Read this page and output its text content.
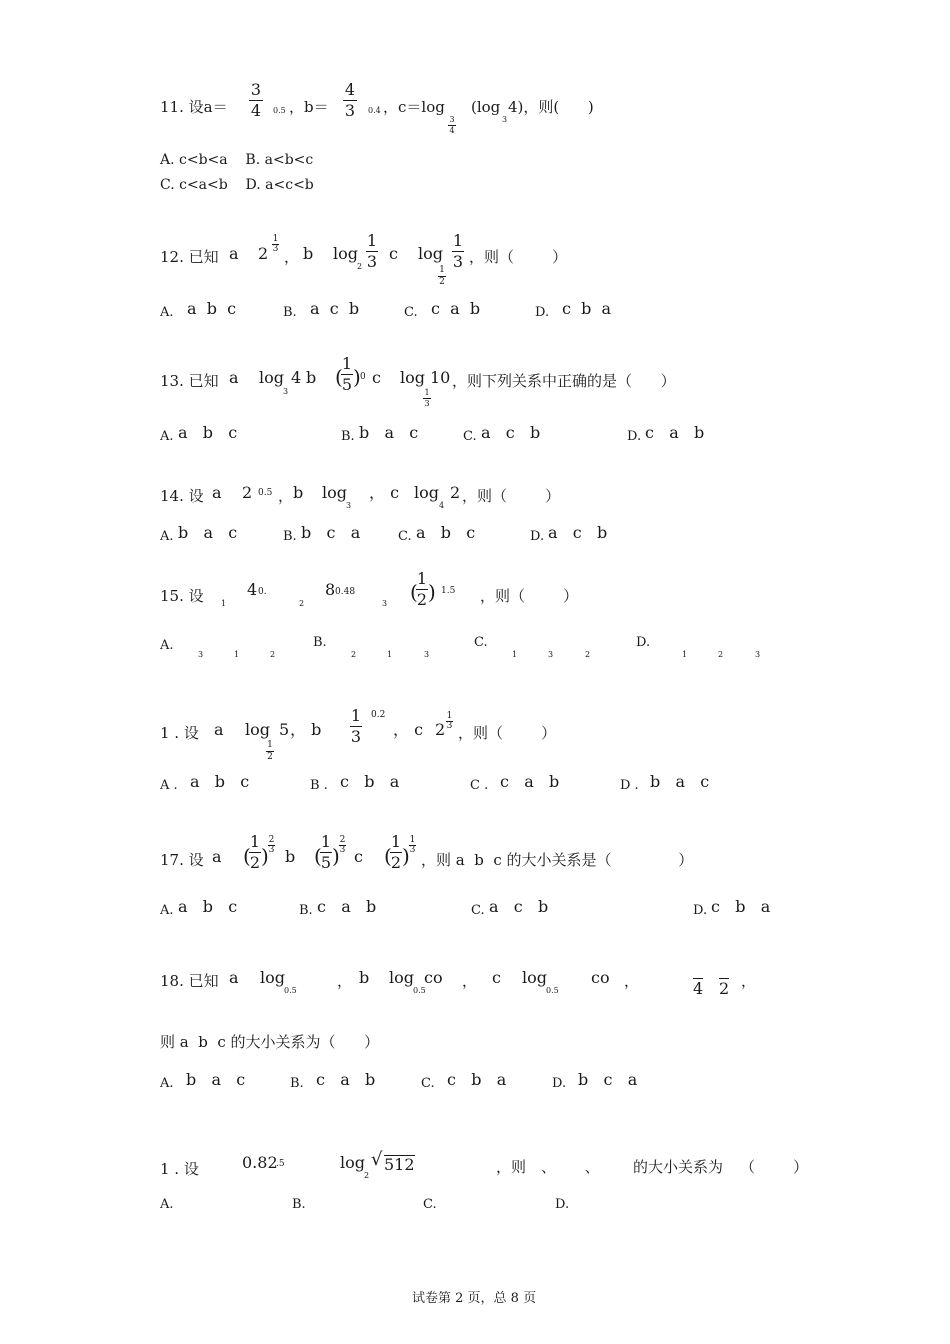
11. 设a＝
3
4 0.5 ，b＝
4
3 0.4 ，c＝log
3
4
(log
3
4)，则(      )
A. c<b<a    B. a<b<c
C. c<a<b    D. a<c<b
12. 已知 a 2
1
3 ， b log
2
1
3 c log
1
2
1
3 ，则（        ）
A. a  b  c	B. a  c  b	C. c  a  b	D. c  b  a
13. 已知 a log 4
3
b (
1
5 ) 0 c log 10
1
3
，则下列关系中正确的是（      ）
A. a   b   c	B. b   a   c	C. a   c   b	D. c   a   b
14. 设 a 2 0.5 ， b log
3
， c log 2
4
，则（        ）
A. b   a   c	B. b   c   a	C. a   b   c	D. a   c   b
15. 设 1
4 0.
2
8 0.48
3 (
1
2 ) 1.5 ，则（        ）
A.
3	1	2
B.
2	1	3
C.
1	3	2
D.
1	2	3
1 . 设 a log 5
1
2
， b
1
3
0.2
， c 2
1
3 ，则（        ）
A . a   b   c	B . c   b   a	C . c   a   b	D . b   a   c
17. 设 a (
1
2 )
2
3 b (
1
5 )
2
3 c (
1
2 )
1
3
，则 a  b  c 的大小关系是（              ）
A. a   b   c	B. c   a   b	C. a   c   b	D. c   b   a
18. 已知 a log
0.5
， b log co
0.5
， c log
0.5
co ，	4 2 ，
则 a  b  c 的大小关系为（      ）
A. b   a   c	B. c   a   b	C. c   b   a	D. b   c   a
1 . 设	0.82
.5	log
2
√ 512	，则 、      、       的大小关系为 （        ）
A.	B.	C.	D.
试卷第 2 页，总 8 页
